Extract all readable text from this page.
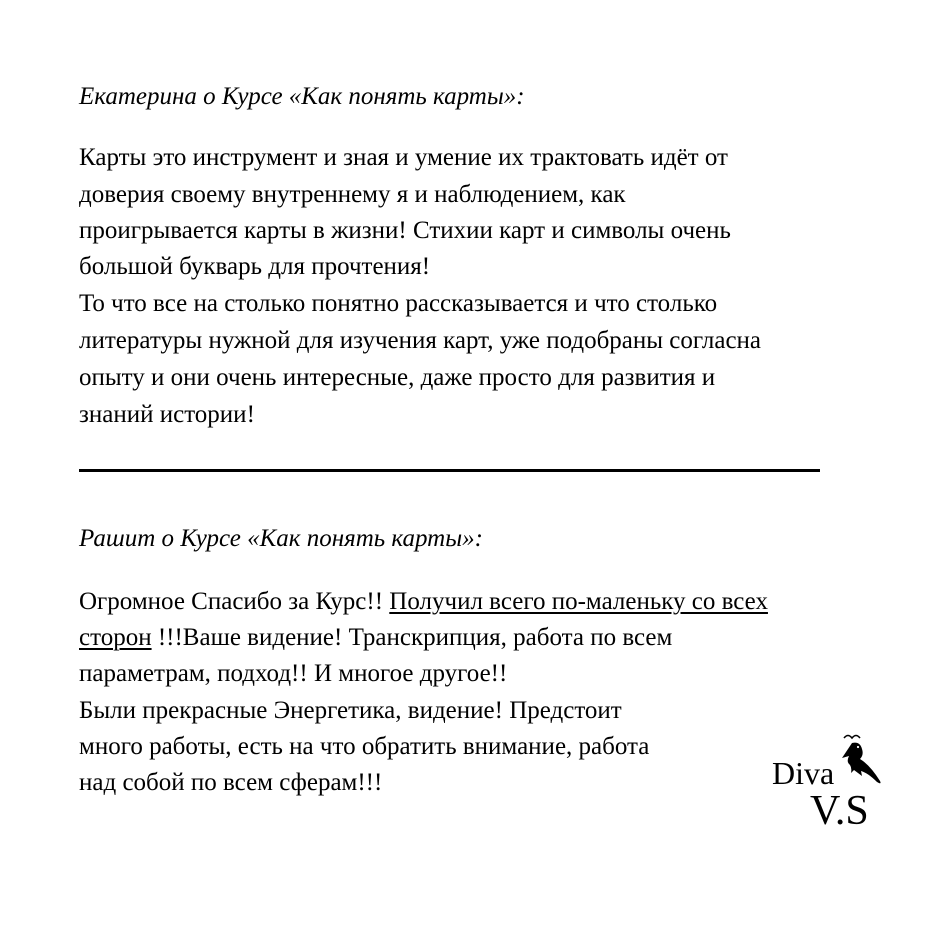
Екатерина о Курсе «Как понять карты»:
Карты это инструмент и зная и умение их трактовать идёт от
доверия своему внутреннему я и наблюдением, как
проигрывается карты в жизни! Стихии карт и символы очень
большой букварь для прочтения!
То что все на столько понятно рассказывается и что столько
литературы нужной для изучения карт, уже подобраны согласна
опыту и они очень интересные, даже просто для развития и
знаний истории!
Рашит о Курсе «Как понять карты»:
Огромное Спасибо за Курс!! Получил всего по-маленьку со всех
сторон !!!Ваше видение! Транскрипция, работа по всем
параметрам, подход!! И многое другое!!
Были прекрасные Энергетика, видение! Предстоит
много работы, есть на что обратить внимание, работа
над собой по всем сферам!!!	Diva
V.S
